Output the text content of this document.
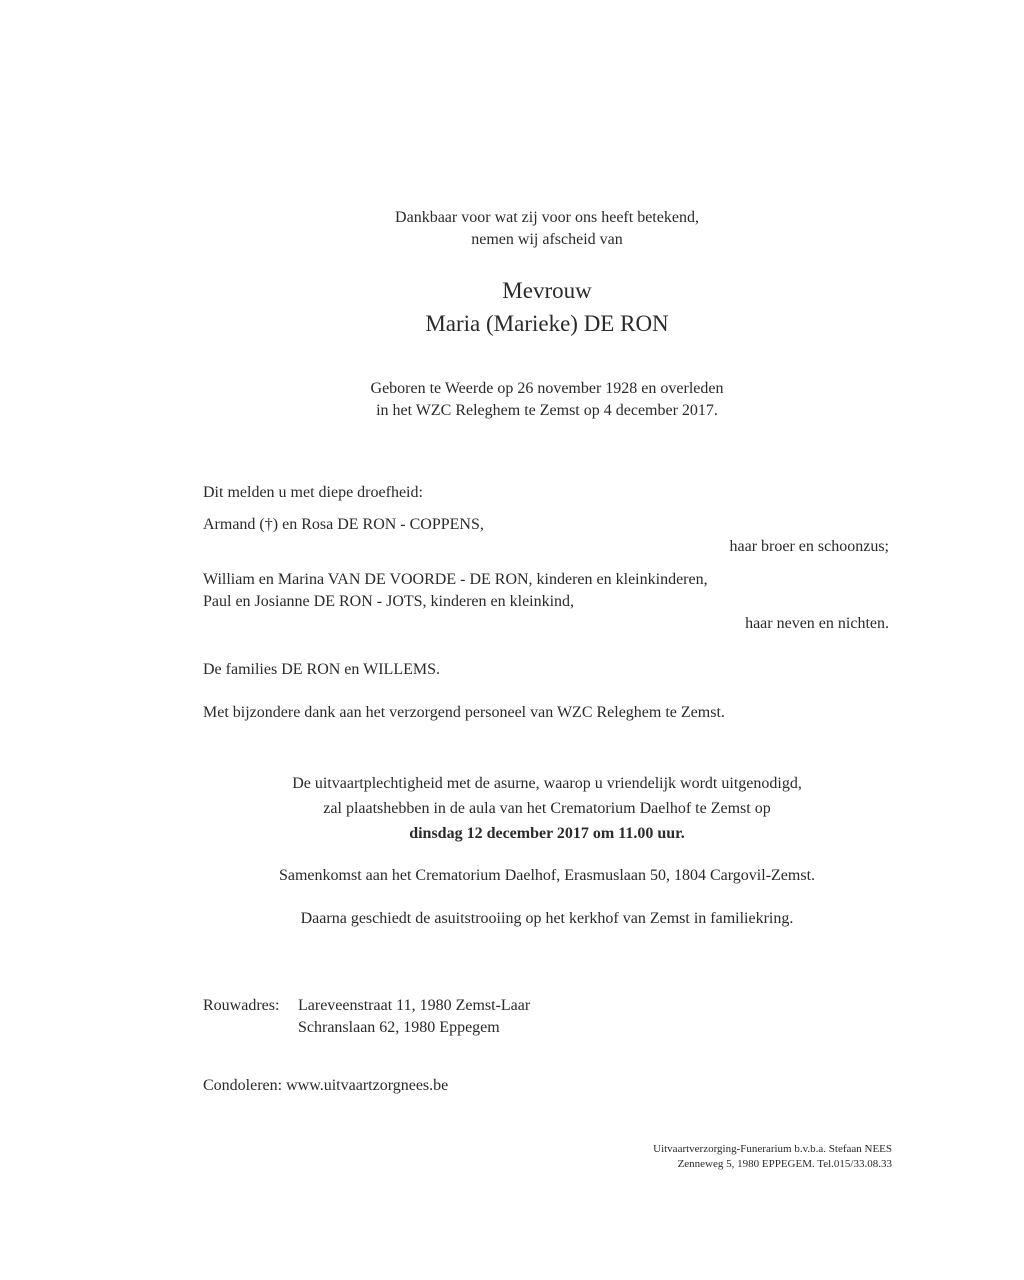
Dankbaar voor wat zij voor ons heeft betekend,
nemen wij afscheid van
Mevrouw
Maria (Marieke) DE RON
Geboren te Weerde op 26 november 1928 en overleden
in het WZC Releghem te Zemst op 4 december 2017.
Dit melden u met diepe droefheid:
Armand (†) en Rosa DE RON - COPPENS,
haar broer en schoonzus;
William en Marina VAN DE VOORDE - DE RON, kinderen en kleinkinderen,
Paul en Josianne DE RON - JOTS, kinderen en kleinkind,
haar neven en nichten.
De families DE RON en WILLEMS.
Met bijzondere dank aan het verzorgend personeel van WZC Releghem te Zemst.
De uitvaartplechtigheid met de asurne, waarop u vriendelijk wordt uitgenodigd,
zal plaatshebben in de aula van het Crematorium Daelhof te Zemst op
dinsdag 12 december 2017 om 11.00 uur.
Samenkomst aan het Crematorium Daelhof, Erasmuslaan 50, 1804 Cargovil-Zemst.
Daarna geschiedt de asuitstrooiing op het kerkhof van Zemst in familiekring.
Rouwadres: Lareveenstraat 11, 1980 Zemst-Laar
Schranslaan 62, 1980 Eppegem
Condoleren: www.uitvaartzorgnees.be
Uitvaartverzorging-Funerarium b.v.b.a. Stefaan NEES
Zenneweg 5, 1980 EPPEGEM. Tel.015/33.08.33
